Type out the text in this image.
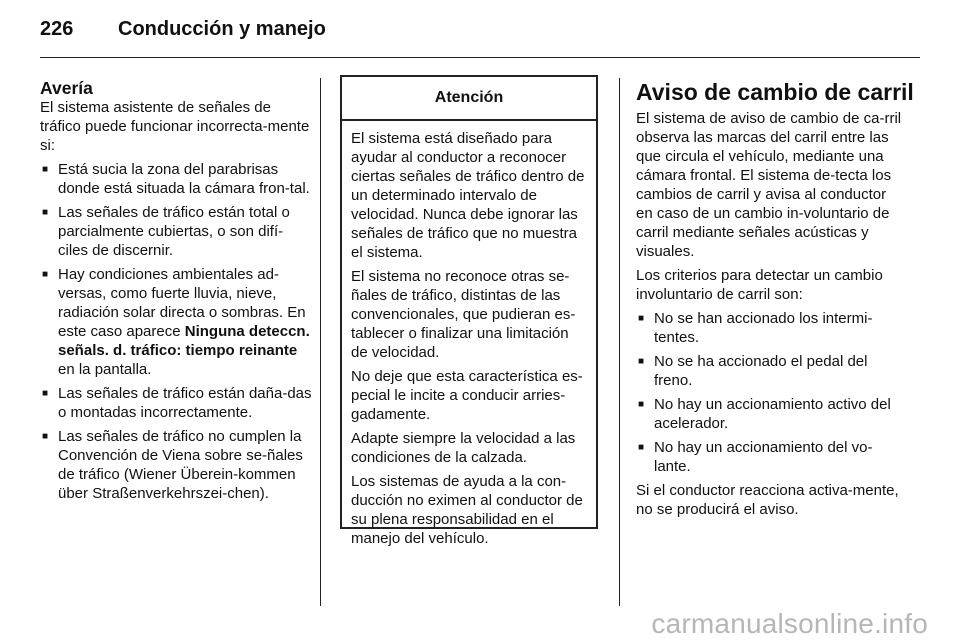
226 Conducción y manejo
Avería
El sistema asistente de señales de tráfico puede funcionar incorrecta-mente si:
■ Está sucia la zona del parabrisas donde está situada la cámara fron-tal.
■ Las señales de tráfico están total o parcialmente cubiertas, o son difí-ciles de discernir.
■ Hay condiciones ambientales ad-versas, como fuerte lluvia, nieve, radiación solar directa o sombras. En este caso aparece Ninguna deteccn. señals. d. tráfico: tiempo reinante en la pantalla.
■ Las señales de tráfico están daña-das o montadas incorrectamente.
■ Las señales de tráfico no cumplen la Convención de Viena sobre se-ñales de tráfico (Wiener Überein-kommen über Straßenverkehrszei-chen).
Atención
El sistema está diseñado para ayudar al conductor a reconocer ciertas señales de tráfico dentro de un determinado intervalo de velocidad. Nunca debe ignorar las señales de tráfico que no muestra el sistema.
El sistema no reconoce otras se-ñales de tráfico, distintas de las convencionales, que pudieran es-tablecer o finalizar una limitación de velocidad.
No deje que esta característica es-pecial le incite a conducir arries-gadamente.
Adapte siempre la velocidad a las condiciones de la calzada.
Los sistemas de ayuda a la con-ducción no eximen al conductor de su plena responsabilidad en el manejo del vehículo.
Aviso de cambio de carril
El sistema de aviso de cambio de ca-rril observa las marcas del carril entre las que circula el vehículo, mediante una cámara frontal. El sistema de-tecta los cambios de carril y avisa al conductor en caso de un cambio in-voluntario de carril mediante señales acústicas y visuales.
Los criterios para detectar un cambio involuntario de carril son:
■ No se han accionado los intermi-tentes.
■ No se ha accionado el pedal del freno.
■ No hay un accionamiento activo del acelerador.
■ No hay un accionamiento del vo-lante.
Si el conductor reacciona activa-mente, no se producirá el aviso.
carmanualsonline.info
